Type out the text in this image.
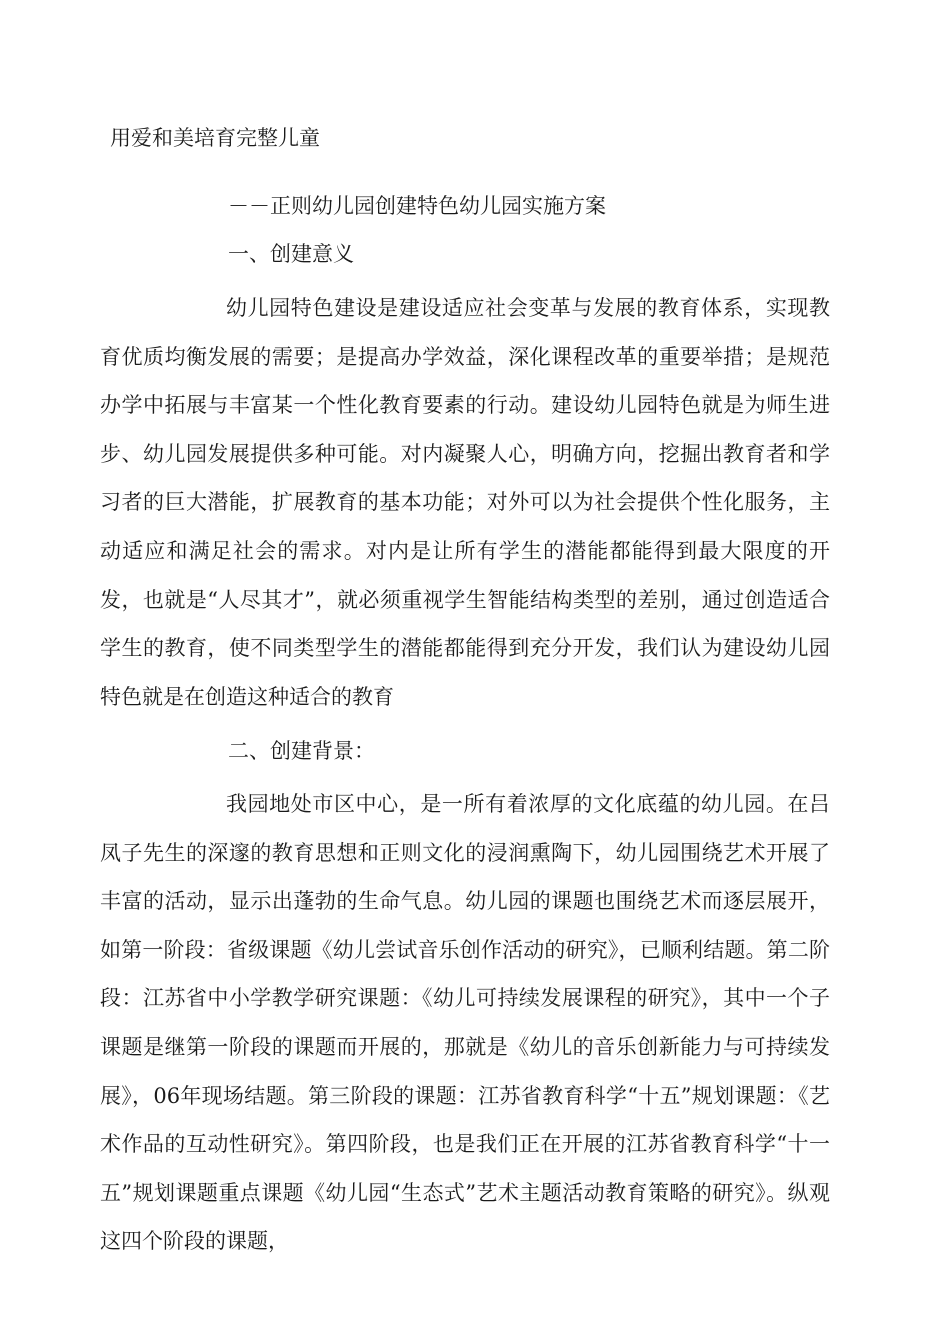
用爱和美培育完整儿童
－－正则幼儿园创建特色幼儿园实施方案
一、创建意义
幼儿园特色建设是建设适应社会变革与发展的教育体系，实现教育优质均衡发展的需要；是提高办学效益，深化课程改革的重要举措；是规范办学中拓展与丰富某一个性化教育要素的行动。建设幼儿园特色就是为师生进步、幼儿园发展提供多种可能。对内凝聚人心，明确方向，挖掘出教育者和学习者的巨大潜能，扩展教育的基本功能；对外可以为社会提供个性化服务，主动适应和满足社会的需求。对内是让所有学生的潜能都能得到最大限度的开发，也就是“人尽其才”，就必须重视学生智能结构类型的差别，通过创造适合学生的教育，使不同类型学生的潜能都能得到充分开发，我们认为建设幼儿园特色就是在创造这种适合的教育
二、创建背景：
我园地处市区中心，是一所有着浓厚的文化底蕴的幼儿园。在吕凤子先生的深邃的教育思想和正则文化的浸润熏陶下，幼儿园围绕艺术开展了丰富的活动，显示出蓬勃的生命气息。幼儿园的课题也围绕艺术而逐层展开，如第一阶段：省级课题《幼儿尝试音乐创作活动的研究》，已顺利结题。第二阶段：江苏省中小学教学研究课题：《幼儿可持续发展课程的研究》，其中一个子课题是继第一阶段的课题而开展的，那就是《幼儿的音乐创新能力与可持续发展》，06年现场结题。第三阶段的课题：江苏省教育科学“十五”规划课题：《艺术作品的互动性研究》。第四阶段，也是我们正在开展的江苏省教育科学“十一五”规划课题重点课题《幼儿园“生态式”艺术主题活动教育策略的研究》。纵观这四个阶段的课题，
